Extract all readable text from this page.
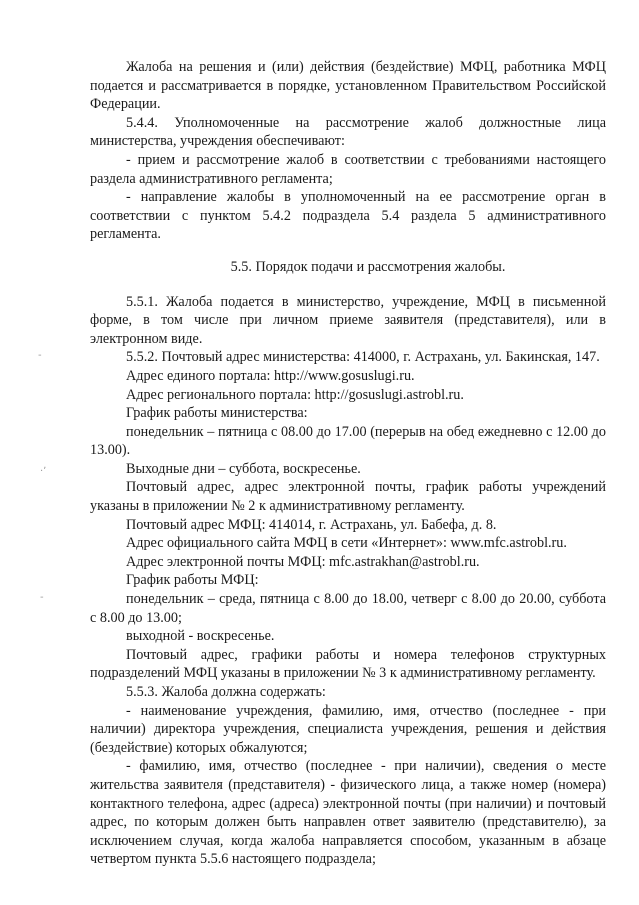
-
·ʼ
-

Жалоба на решения и (или) действия (бездействие) МФЦ, работника МФЦ подается и рассматривается в порядке, установленном Правительством Российской Федерации.

5.4.4. Уполномоченные на рассмотрение жалоб должностные лица министерства, учреждения обеспечивают:

- прием и рассмотрение жалоб в соответствии с требованиями настоящего раздела административного регламента;

- направление жалобы в уполномоченный на ее рассмотрение орган в соответствии с пунктом 5.4.2 подраздела 5.4 раздела 5 административного регламента.

5.5. Порядок подачи и рассмотрения жалобы.

5.5.1. Жалоба подается в министерство, учреждение, МФЦ в письменной форме, в том числе при личном приеме заявителя (представителя), или в электронном виде.

5.5.2. Почтовый адрес министерства: 414000, г. Астрахань, ул. Бакинская, 147.

Адрес единого портала: http://www.gosuslugi.ru.

Адрес регионального портала: http://gosuslugi.astrobl.ru.

График работы министерства:

понедельник – пятница с 08.00 до 17.00 (перерыв на обед ежедневно с 12.00 до 13.00).

Выходные дни – суббота, воскресенье.

Почтовый адрес, адрес электронной почты, график работы учреждений указаны в приложении № 2 к административному регламенту.

Почтовый адрес МФЦ: 414014, г. Астрахань, ул. Бабефа, д. 8.

Адрес официального сайта МФЦ в сети «Интернет»: www.mfc.astrobl.ru.

Адрес электронной почты МФЦ: mfc.astrakhan@astrobl.ru.

График работы МФЦ:

понедельник – среда, пятница с 8.00 до 18.00, четверг с 8.00 до 20.00, суббота с 8.00 до 13.00;

выходной - воскресенье.

Почтовый адрес, графики работы и номера телефонов структурных подразделений МФЦ указаны в приложении № 3 к административному регламенту.

5.5.3. Жалоба должна содержать:

- наименование учреждения, фамилию, имя, отчество (последнее - при наличии) директора учреждения, специалиста учреждения, решения и действия (бездействие) которых обжалуются;

- фамилию, имя, отчество (последнее - при наличии), сведения о месте жительства заявителя (представителя) - физического лица, а также номер (номера) контактного телефона, адрес (адреса) электронной почты (при наличии) и почтовый адрес, по которым должен быть направлен ответ заявителю (представителю), за исключением случая, когда жалоба направляется способом, указанным в абзаце четвертом пункта 5.5.6 настоящего подраздела;
